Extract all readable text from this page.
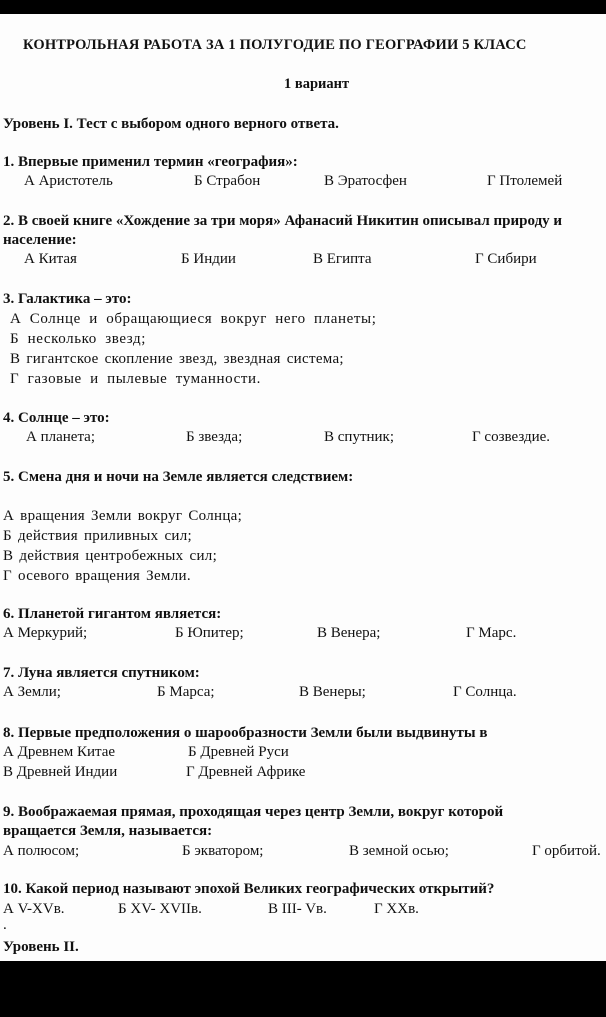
КОНТРОЛЬНАЯ РАБОТА ЗА 1 ПОЛУГОДИЕ ПО ГЕОГРАФИИ 5 КЛАСС
1 вариант
Уровень I. Тест с выбором одного верного ответа.
1. Впервые применил термин «география»:
А Аристотель	Б Страбон	В Эратосфен	Г Птолемей
2. В своей книге «Хождение за три моря» Афанасий Никитин описывал природу и
население:
А Китая	Б Индии	В Египта	Г Сибири
3. Галактика – это:
А Солнце и обращающиеся вокруг него планеты;
Б несколько звезд;
В гигантское скопление звезд, звездная система;
Г газовые и пылевые туманности.
4. Солнце – это:
А планета;	Б звезда;	В спутник;	Г созвездие.
5. Смена дня и ночи на Земле является следствием:
А вращения Земли вокруг Солнца;
Б действия приливных сил;
В действия центробежных сил;
Г осевого вращения Земли.
6. Планетой гигантом является:
А Меркурий;	Б Юпитер;	В Венера;	Г Марс.
7. Луна является спутником:
А Земли;	Б Марса;	В Венеры;	Г Солнца.
8. Первые предположения о шарообразности Земли были выдвинуты в
А Древнем Китае	Б Древней Руси
В Древней Индии	Г Древней Африке
9. Воображаемая прямая, проходящая через центр Земли, вокруг которой
вращается Земля, называется:
А полюсом;	Б экватором;	В земной осью;	Г орбитой.
10. Какой период называют эпохой Великих географических открытий?
А V-XVв.	Б XV- XVIIв.	В III- Vв.	Г XXв.
.
Уровень II.
